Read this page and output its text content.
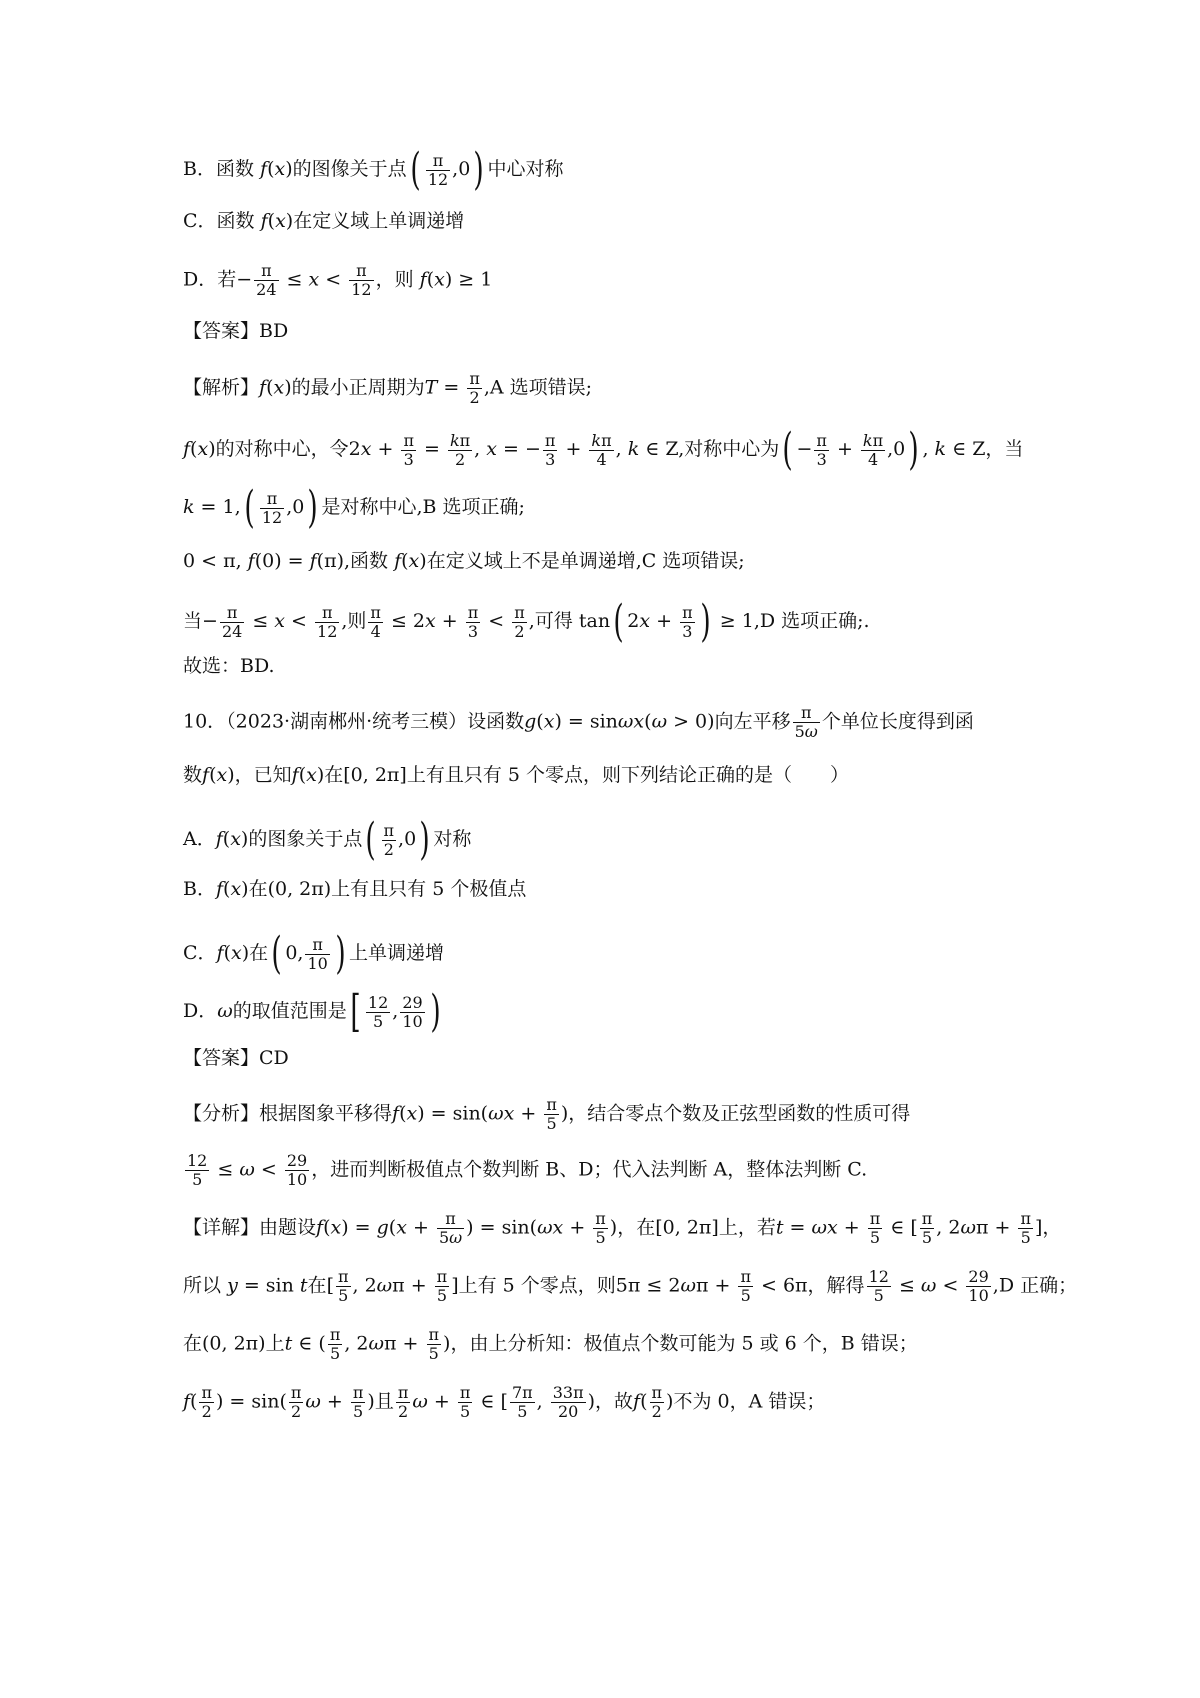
B．函数 f(x)的图像关于点( $\frac{\pi}{12} ,0$) 中心对称
C．函数 f(x)在定义域上单调递增
D．若− $\frac{\pi}{24} \le x < \frac{\pi}{12}$ ，则 f(x) ≥ 1
【答案】BD
【解析】f(x)的最小正周期为$T = \frac{\pi}{2} ,A$ 选项错误;
f(x)的对称中心，令$2x + \frac{\pi}{3} = \frac{k\pi}{2}$ , x = − $\frac{\pi}{3} + \frac{k\pi}{4}$ , k ∈ Z,对称中心为( − $\frac{\pi}{3} + \frac{k\pi}{4} ,0$) , k ∈ Z，当
$k = 1,( \frac{\pi}{12} ,0)$ 是对称中心,B 选项正确;
0 < π, f(0) = f(π),函数 f(x)在定义域上不是单调递增,C 选项错误;
当− $\frac{\pi}{24} \le x < \frac{\pi}{12}$ ,则 $\frac{\pi}{4} \le 2x + \frac{\pi}{3} < \frac{\pi}{2}$ ,可得 tan( $2x + \frac{\pi}{3}$ ) ≥ 1,D 选项正确;.
故选：BD.
10．（2023·湖南郴州·统考三模）设函数g(x) = sinωx(ω > 0)向左平移 $\frac{\pi}{5\omega}$ 个单位长度得到函
数f(x)，已知f(x)在[0, 2π]上有且只有 5 个零点，则下列结论正确的是（　　）
A．f(x)的图象关于点( $\frac{\pi}{2} ,0$) 对称
B．f(x)在(0, 2π)上有且只有 5 个极值点
C．f(x)在( 0, $\frac{\pi}{10}$ ) 上单调递增
D．ω的取值范围是[ $\frac{12}{5}$ , $\frac{29}{10}$ )
【答案】CD
【分析】根据图象平移得$f(x) = \sin(\omega x + \frac{\pi}{5}$ )，结合零点个数及正弦型函数的性质可得
$\frac{12}{5} \le \omega < \frac{29}{10}$ ，进而判断极值点个数判断 B、D；代入法判断 A，整体法判断 C.
【详解】由题设$f(x) = g(x + \frac{\pi}{5\omega}$ ) = $\sin(\omega x + \frac{\pi}{5}$ )，在[0, 2π]上，若$t = \omega x + \frac{\pi}{5}$ ∈ [ $\frac{\pi}{5}$ , $2\omega\pi + \frac{\pi}{5}$ ]，
所以 y = sin t在[ $\frac{\pi}{5}$ , $2\omega\pi + \frac{\pi}{5}$ ]上有 5 个零点，则$5\pi \le 2\omega\pi + \frac{\pi}{5} < 6\pi$，解得 $\frac{12}{5} \le \omega < \frac{29}{10} ,D$ 正确；
在(0, 2π)上t ∈ ( $\frac{\pi}{5}$ , $2\omega\pi + \frac{\pi}{5}$ )，由上分析知：极值点个数可能为 5 或 6 个，B 错误；
$f( \frac{\pi}{2}$ ) = $\sin( \frac{\pi}{2}$ $\omega + \frac{\pi}{5}$ )且 $\frac{\pi}{2}$ $\omega + \frac{\pi}{5}$ ∈ [ $\frac{7\pi}{5}$ , $\frac{33\pi}{20}$ )，故$f( \frac{\pi}{2}$ )不为 0，A 错误；
